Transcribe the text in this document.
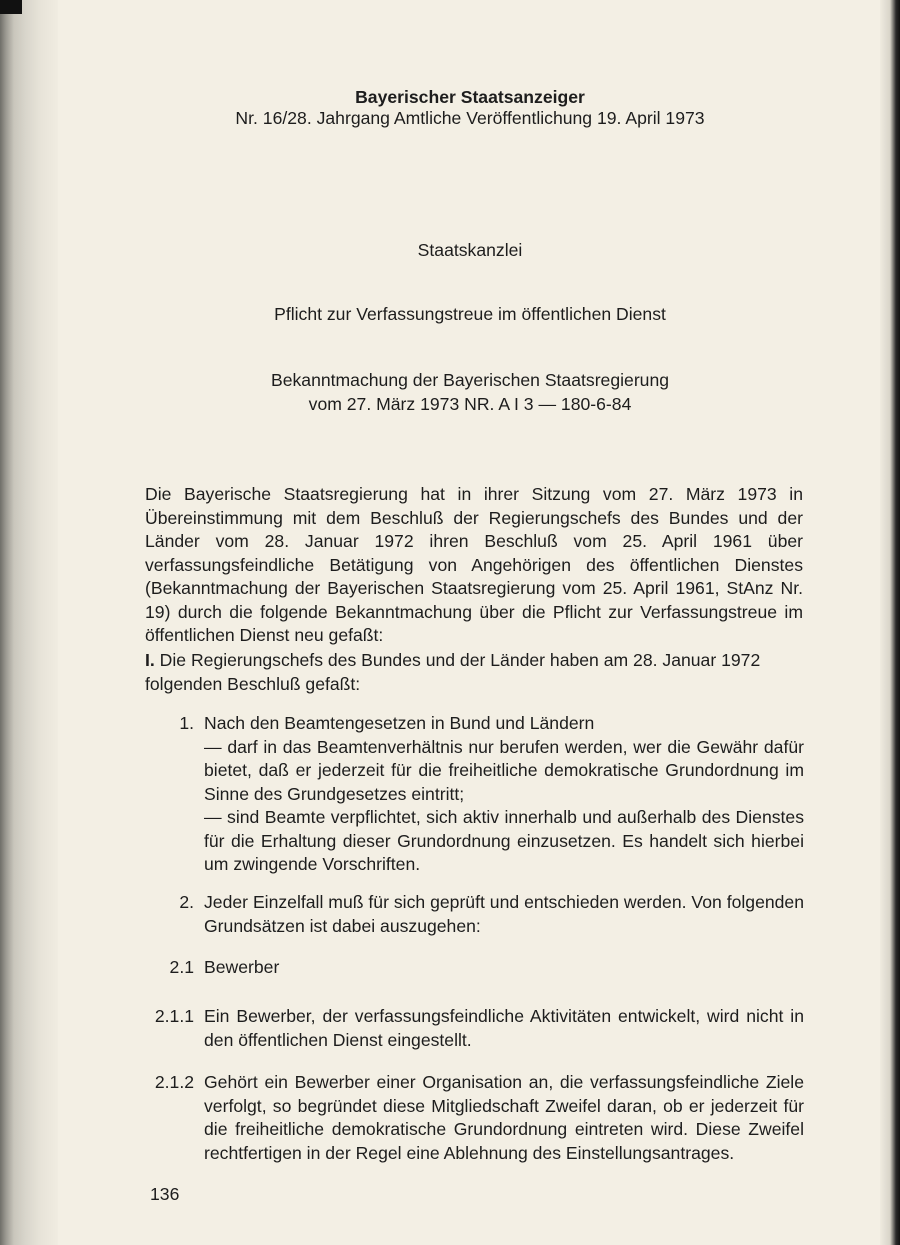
Bayerischer Staatsanzeiger
Nr. 16/28. Jahrgang Amtliche Veröffentlichung 19. April 1973
Staatskanzlei
Pflicht zur Verfassungstreue im öffentlichen Dienst
Bekanntmachung der Bayerischen Staatsregierung
vom 27. März 1973 NR. A I 3 — 180-6-84
Die Bayerische Staatsregierung hat in ihrer Sitzung vom 27. März 1973 in Übereinstimmung mit dem Beschluß der Regierungschefs des Bundes und der Länder vom 28. Januar 1972 ihren Beschluß vom 25. April 1961 über verfassungsfeindliche Betätigung von Angehörigen des öffentlichen Dienstes (Bekanntmachung der Bayerischen Staatsregierung vom 25. April 1961, StAnz Nr. 19) durch die folgende Bekanntmachung über die Pflicht zur Verfassungstreue im öffentlichen Dienst neu gefaßt:
I. Die Regierungschefs des Bundes und der Länder haben am 28. Januar 1972 folgenden Beschluß gefaßt:
1. Nach den Beamtengesetzen in Bund und Ländern
— darf in das Beamtenverhältnis nur berufen werden, wer die Gewähr dafür bietet, daß er jederzeit für die freiheitliche demokratische Grundordnung im Sinne des Grundgesetzes eintritt;
— sind Beamte verpflichtet, sich aktiv innerhalb und außerhalb des Dienstes für die Erhaltung dieser Grundordnung einzusetzen. Es handelt sich hierbei um zwingende Vorschriften.
2. Jeder Einzelfall muß für sich geprüft und entschieden werden. Von folgenden Grundsätzen ist dabei auszugehen:
2.1 Bewerber
2.1.1 Ein Bewerber, der verfassungsfeindliche Aktivitäten entwickelt, wird nicht in den öffentlichen Dienst eingestellt.
2.1.2 Gehört ein Bewerber einer Organisation an, die verfassungsfeindliche Ziele verfolgt, so begründet diese Mitgliedschaft Zweifel daran, ob er jederzeit für die freiheitliche demokratische Grundordnung eintreten wird. Diese Zweifel rechtfertigen in der Regel eine Ablehnung des Einstellungsantrages.
136
